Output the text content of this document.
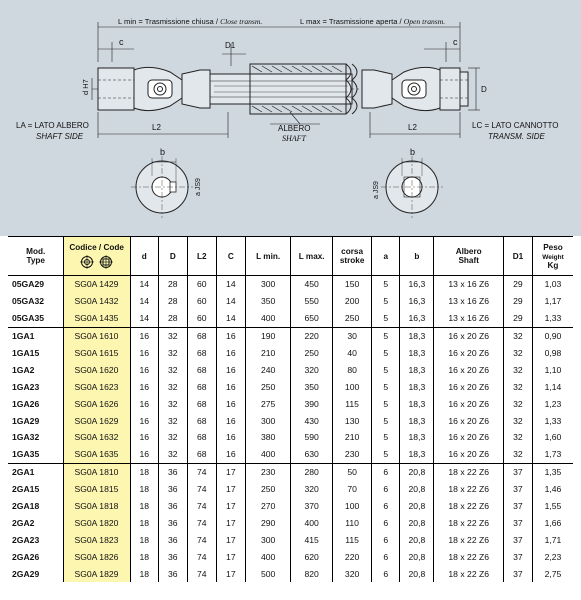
L min = Trasmissione chiusa / Close transm.	L max = Trasmissione aperta / Open transm.
c	c
D1
d H7	D
L2	L2
LA = LATO ALBERO
SHAFT SIDE
LC = LATO CANNOTTO
TRANSM. SIDE
ALBERO
SHAFT
b	b
a JS9	a JS9
Mod.
Type	Codice / Code	d	D	L2	C	L min.	L max.	corsa
stroke	a	b	Albero
Shaft	D1	Peso
Weight
Kg
05GA29	SG0A 1429	14	28	60	14	300	450	150	5	16,3	13 x 16 Z6	29	1,03
05GA32	SG0A 1432	14	28	60	14	350	550	200	5	16,3	13 x 16 Z6	29	1,17
05GA35	SG0A 1435	14	28	60	14	400	650	250	5	16,3	13 x 16 Z6	29	1,33
1GA1	SG0A 1610	16	32	68	16	190	220	30	5	18,3	16 x 20 Z6	32	0,90
1GA15	SG0A 1615	16	32	68	16	210	250	40	5	18,3	16 x 20 Z6	32	0,98
1GA2	SG0A 1620	16	32	68	16	240	320	80	5	18,3	16 x 20 Z6	32	1,10
1GA23	SG0A 1623	16	32	68	16	250	350	100	5	18,3	16 x 20 Z6	32	1,14
1GA26	SG0A 1626	16	32	68	16	275	390	115	5	18,3	16 x 20 Z6	32	1,23
1GA29	SG0A 1629	16	32	68	16	300	430	130	5	18,3	16 x 20 Z6	32	1,33
1GA32	SG0A 1632	16	32	68	16	380	590	210	5	18,3	16 x 20 Z6	32	1,60
1GA35	SG0A 1635	16	32	68	16	400	630	230	5	18,3	16 x 20 Z6	32	1,73
2GA1	SG0A 1810	18	36	74	17	230	280	50	6	20,8	18 x 22 Z6	37	1,35
2GA15	SG0A 1815	18	36	74	17	250	320	70	6	20,8	18 x 22 Z6	37	1,46
2GA18	SG0A 1818	18	36	74	17	270	370	100	6	20,8	18 x 22 Z6	37	1,55
2GA2	SG0A 1820	18	36	74	17	290	400	110	6	20,8	18 x 22 Z6	37	1,66
2GA23	SG0A 1823	18	36	74	17	300	415	115	6	20,8	18 x 22 Z6	37	1,71
2GA26	SG0A 1826	18	36	74	17	400	620	220	6	20,8	18 x 22 Z6	37	2,23
2GA29	SG0A 1829	18	36	74	17	500	820	320	6	20,8	18 x 22 Z6	37	2,75
